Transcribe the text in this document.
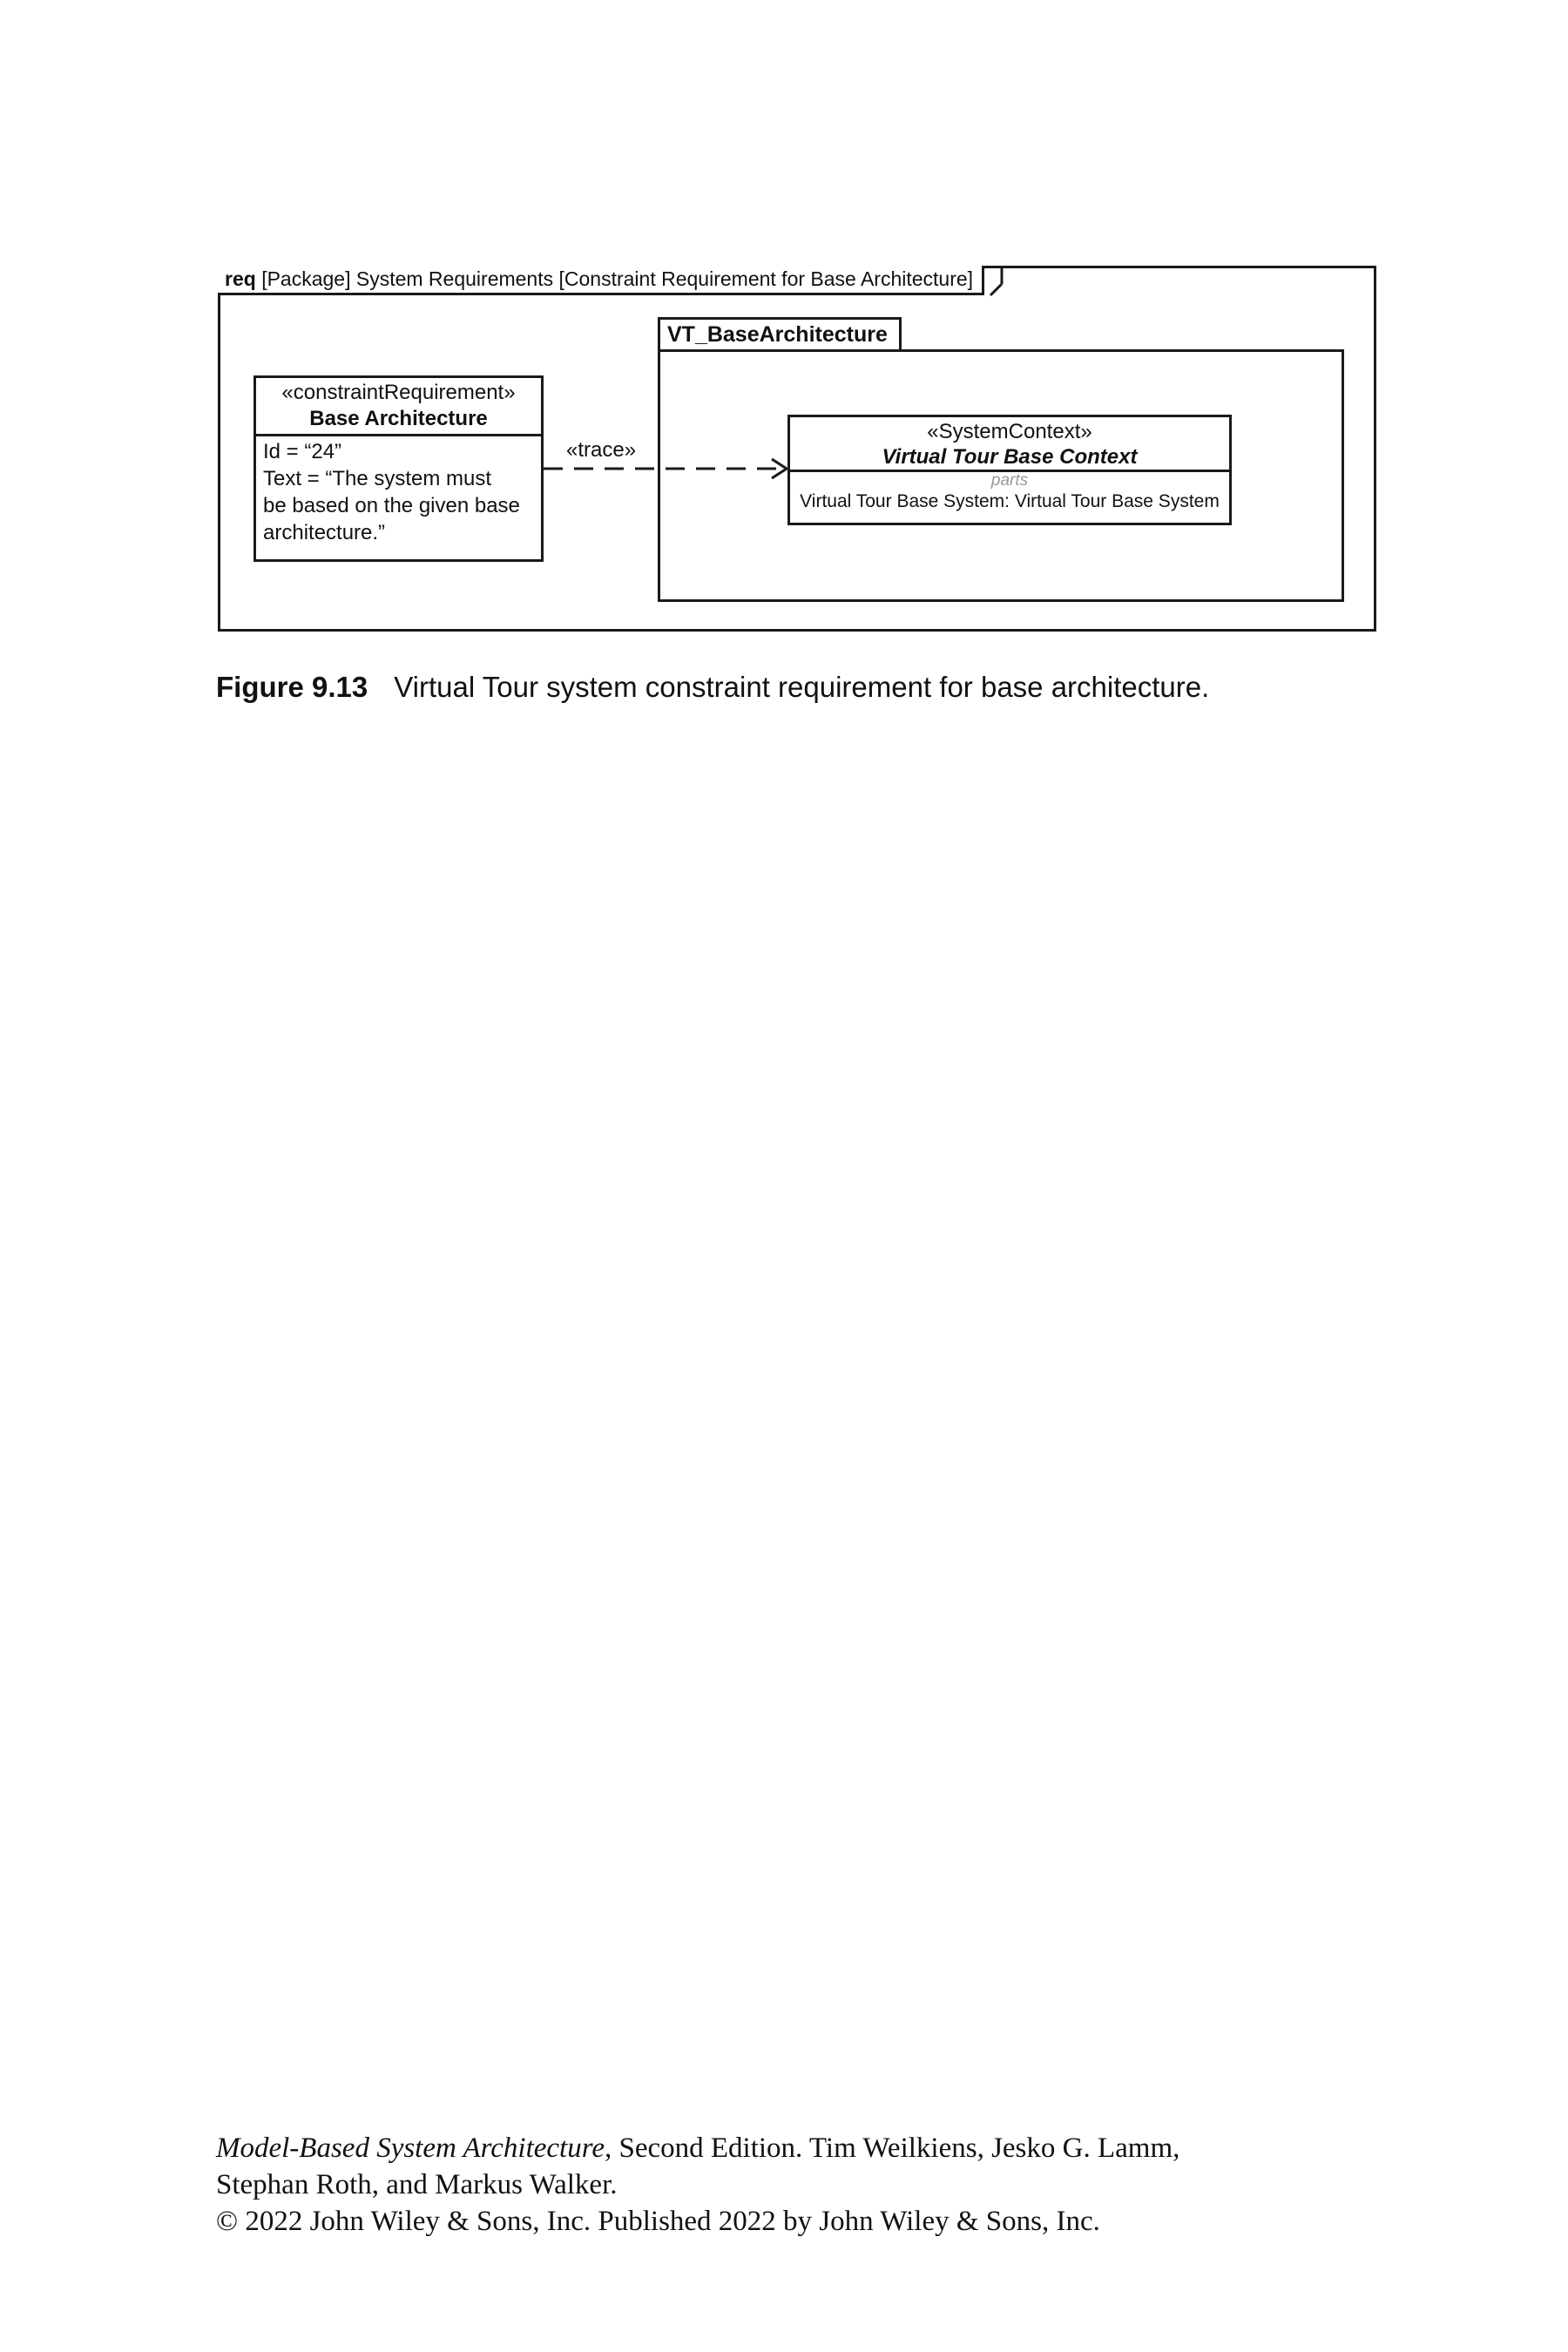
req [Package] System Requirements [Constraint Requirement for Base Architecture]
VT_BaseArchitecture
«constraintRequirement»
Base Architecture
Id = “24”
Text = “The system must
be based on the given base
architecture.”
«trace»
«SystemContext»
Virtual Tour Base Context
parts
Virtual Tour Base System: Virtual Tour Base System
Figure 9.13 Virtual Tour system constraint requirement for base architecture.
Model-Based System Architecture, Second Edition. Tim Weilkiens, Jesko G. Lamm,
Stephan Roth, and Markus Walker.
© 2022 John Wiley & Sons, Inc. Published 2022 by John Wiley & Sons, Inc.
